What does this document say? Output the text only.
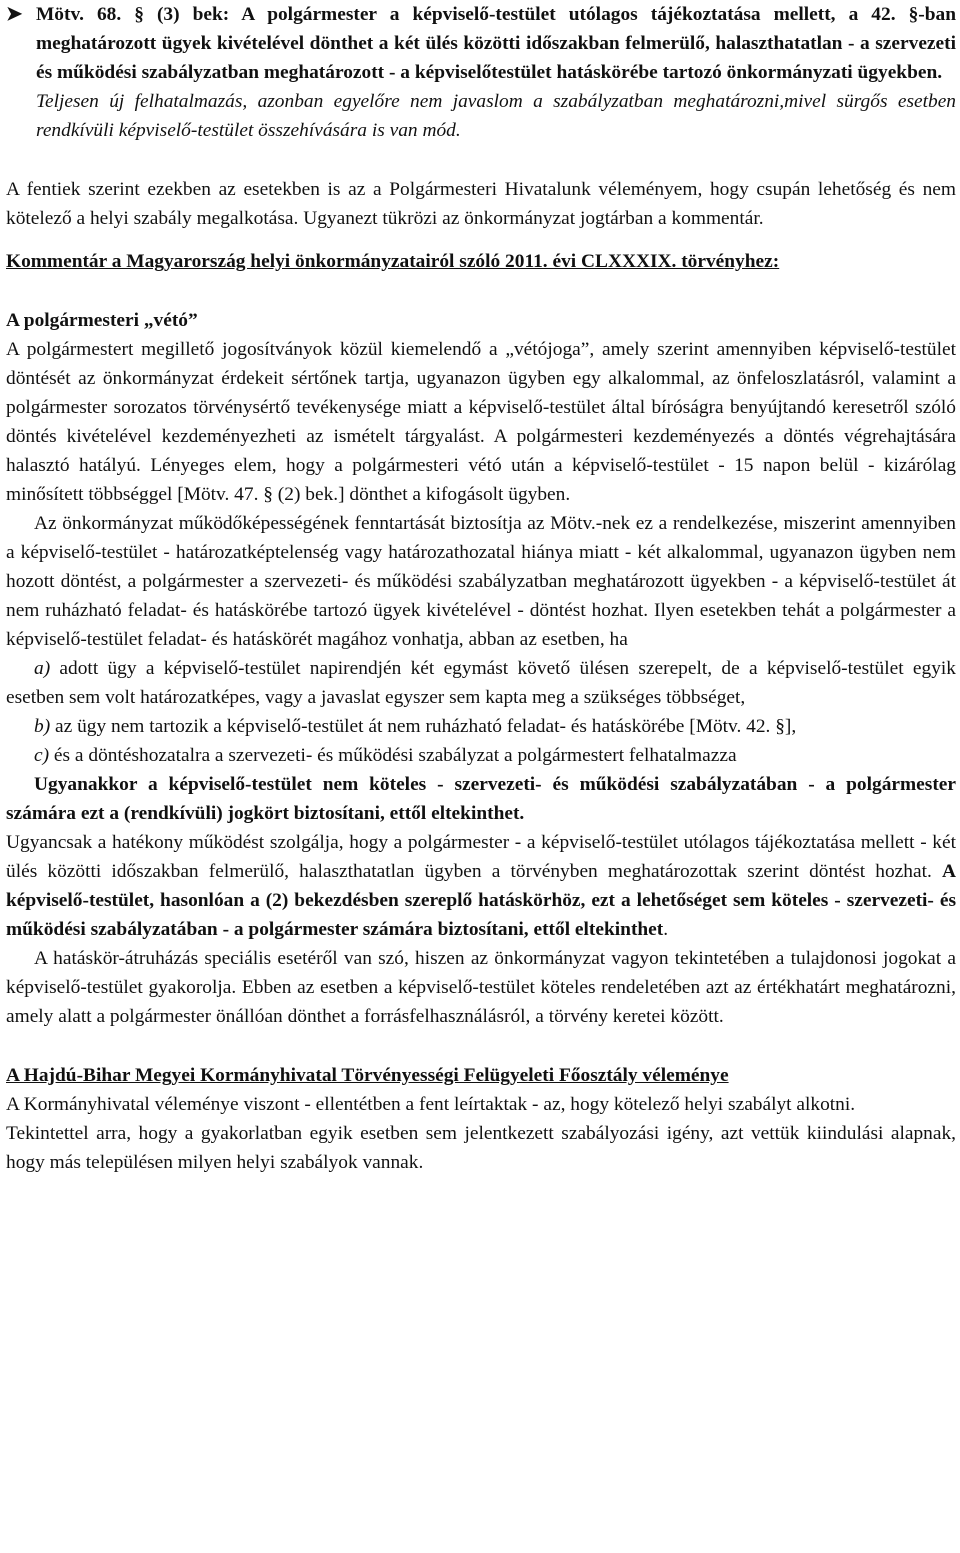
➤ Mötv. 68. § (3) bek: A polgármester a képviselő-testület utólagos tájékoztatása mellett, a 42. §-ban meghatározott ügyek kivételével dönthet a két ülés közötti időszakban felmerülő, halaszthatatlan - a szervezeti és működési szabályzatban meghatározott - a képviselőtestület hatáskörébe tartozó önkormányzati ügyekben.
Teljesen új felhatalmazás, azonban egyelőre nem javaslom a szabályzatban meghatározni,mivel sürgős esetben rendkívüli képviselő-testület összehívására is van mód.

A fentiek szerint ezekben az esetekben is az a Polgármesteri Hivatalunk véleményem, hogy csupán lehetőség és nem kötelező a helyi szabály megalkotása. Ugyanezt tükrözi az önkormányzat jogtárban a kommentár.

Kommentár a Magyarország helyi önkormányzatairól szóló 2011. évi CLXXXIX. törvényhez:

A polgármesteri „vétó”

A polgármestert megillető jogosítványok közül kiemelendő a „vétójoga”, amely szerint amennyiben képviselő-testület döntését az önkormányzat érdekeit sértőnek tartja, ugyanazon ügyben egy alkalommal, az önfeloszlatásról, valamint a polgármester sorozatos törvénysértő tevékenysége miatt a képviselő-testület által bíróságra benyújtandó keresetről szóló döntés kivételével kezdeményezheti az ismételt tárgyalást. A polgármesteri kezdeményezés a döntés végrehajtására halasztó hatályú. Lényeges elem, hogy a polgármesteri vétó után a képviselő-testület - 15 napon belül - kizárólag minősített többséggel [Mötv. 47. § (2) bek.] dönthet a kifogásolt ügyben.

Az önkormányzat működőképességének fenntartását biztosítja az Mötv.-nek ez a rendelkezése, miszerint amennyiben a képviselő-testület - határozatképtelenség vagy határozathozatal hiánya miatt - két alkalommal, ugyanazon ügyben nem hozott döntést, a polgármester a szervezeti- és működési szabályzatban meghatározott ügyekben - a képviselő-testület át nem ruházható feladat- és hatáskörébe tartozó ügyek kivételével - döntést hozhat. Ilyen esetekben tehát a polgármester a képviselő-testület feladat- és hatáskörét magához vonhatja, abban az esetben, ha

a) adott ügy a képviselő-testület napirendjén két egymást követő ülésen szerepelt, de a képviselő-testület egyik esetben sem volt határozatképes, vagy a javaslat egyszer sem kapta meg a szükséges többséget,

b) az ügy nem tartozik a képviselő-testület át nem ruházható feladat- és hatáskörébe [Mötv. 42. §],

c) és a döntéshozatalra a szervezeti- és működési szabályzat a polgármestert felhatalmazza

Ugyanakkor a képviselő-testület nem köteles - szervezeti- és működési szabályzatában - a polgármester számára ezt a (rendkívüli) jogkört biztosítani, ettől eltekinthet.

Ugyancsak a hatékony működést szolgálja, hogy a polgármester - a képviselő-testület utólagos tájékoztatása mellett - két ülés közötti időszakban felmerülő, halaszthatatlan ügyben a törvényben meghatározottak szerint döntést hozhat. A képviselő-testület, hasonlóan a (2) bekezdésben szereplő hatáskörhöz, ezt a lehetőséget sem köteles - szervezeti- és működési szabályzatában - a polgármester számára biztosítani, ettől eltekinthet.

A hatáskör-átruházás speciális esetéről van szó, hiszen az önkormányzat vagyon tekintetében a tulajdonosi jogokat a képviselő-testület gyakorolja. Ebben az esetben a képviselő-testület köteles rendeletében azt az értékhatárt meghatározni, amely alatt a polgármester önállóan dönthet a forrásfelhasználásról, a törvény keretei között.

A Hajdú-Bihar Megyei Kormányhivatal Törvényességi Felügyeleti Főosztály véleménye

A Kormányhivatal véleménye viszont - ellentétben a fent leírtaktak - az, hogy kötelező helyi szabályt alkotni.

Tekintettel arra, hogy a gyakorlatban egyik esetben sem jelentkezett szabályozási igény, azt vettük kiindulási alapnak, hogy más településen milyen helyi szabályok vannak.
